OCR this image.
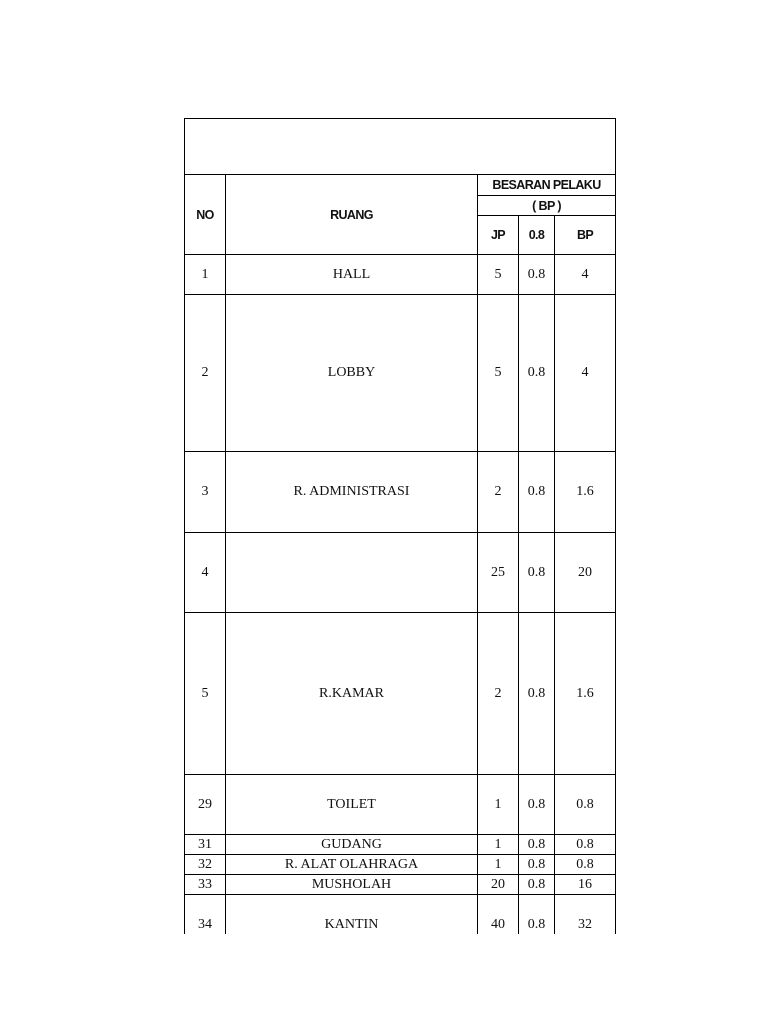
NO	RUANG	BESARAN PELAKU		
		( BP )		
		JP	0.8	BP
1	HALL	5	0.8	4
2	LOBBY	5	0.8	4
3	R. ADMINISTRASI	2	0.8	1.6
4		25	0.8	20
5	R.KAMAR	2	0.8	1.6
29	TOILET	1	0.8	0.8
31	GUDANG	1	0.8	0.8
32	R. ALAT OLAHRAGA	1	0.8	0.8
33	MUSHOLAH	20	0.8	16
34	KANTIN	40	0.8	32
